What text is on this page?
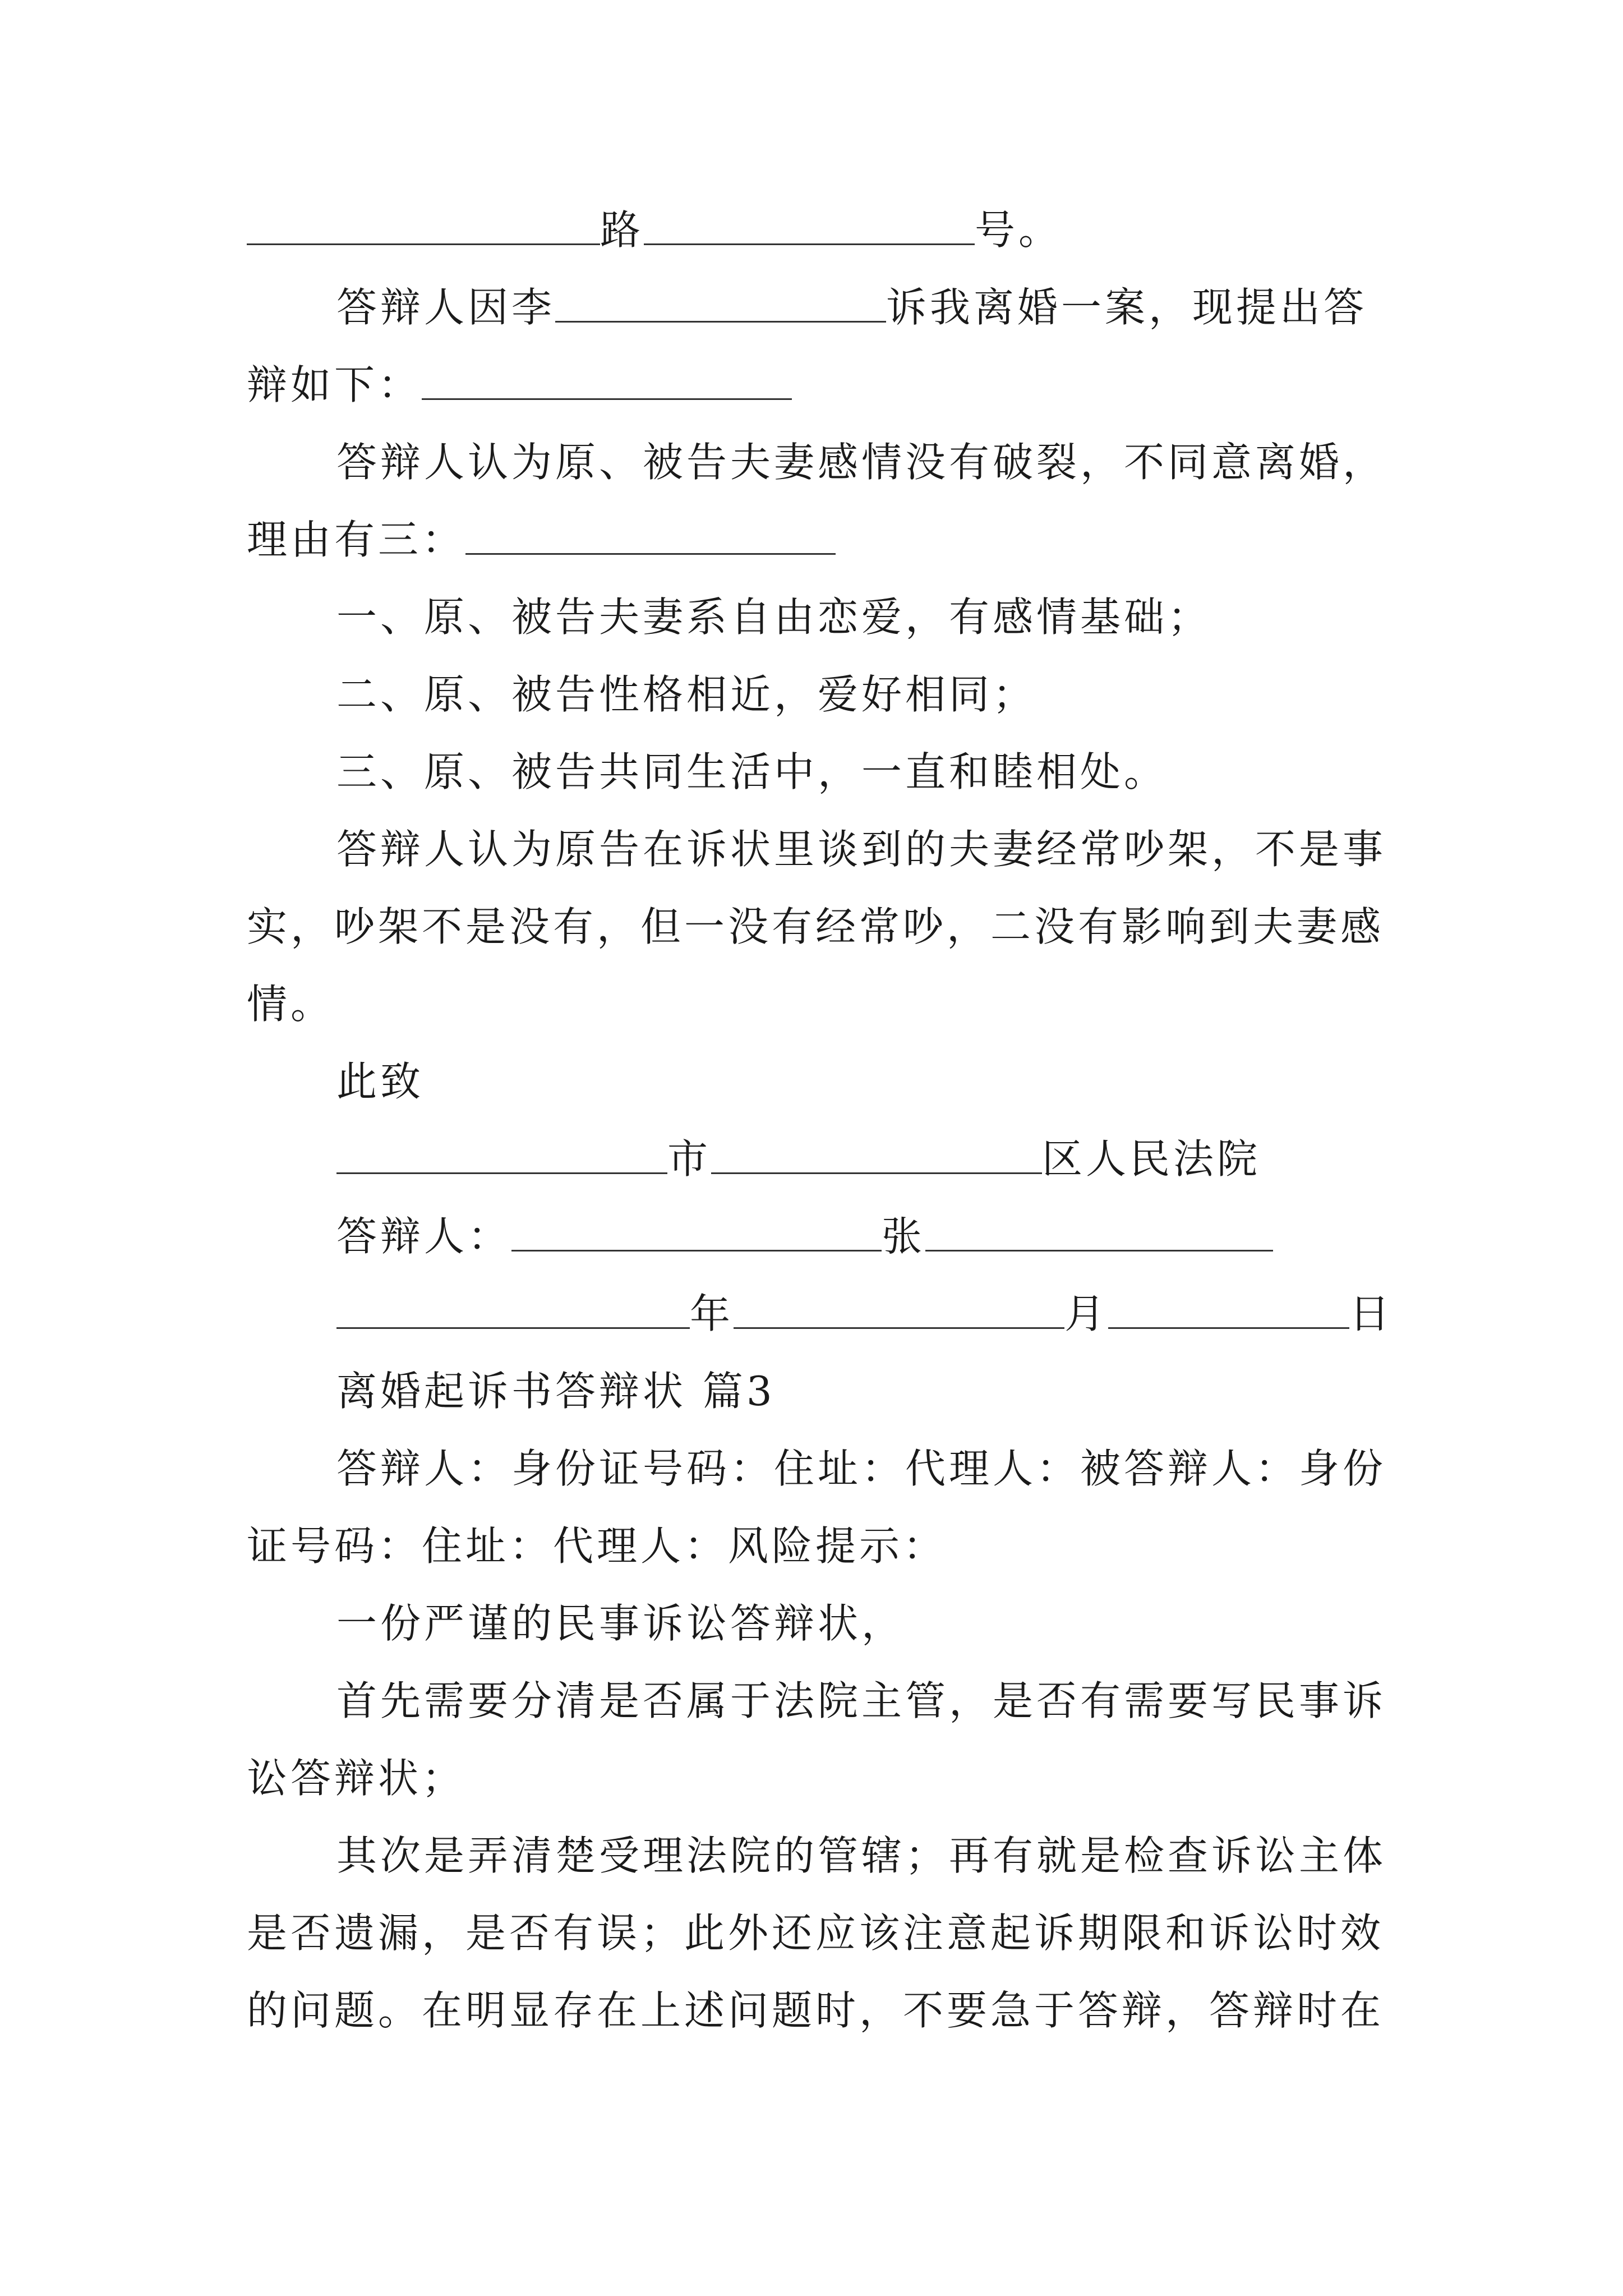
路	号。
答辩人因李	诉我离婚一案，现提出答
辩如下：
答辩人认为原、被告夫妻感情没有破裂，不同意离婚，
理由有三：
一、原、被告夫妻系自由恋爱，有感情基础；
二、原、被告性格相近，爱好相同；
三、原、被告共同生活中，一直和睦相处。
答辩人认为原告在诉状里谈到的夫妻经常吵架，不是事
实，吵架不是没有，但一没有经常吵，二没有影响到夫妻感
情。
此致
市	区人民法院
答辩人：	张
年	月	日
离婚起诉书答辩状 篇3
答辩人：身份证号码：住址：代理人：被答辩人：身份
证号码：住址：代理人：风险提示：
一份严谨的民事诉讼答辩状，
首先需要分清是否属于法院主管，是否有需要写民事诉
讼答辩状；
其次是弄清楚受理法院的管辖；再有就是检查诉讼主体
是否遗漏，是否有误；此外还应该注意起诉期限和诉讼时效
的问题。在明显存在上述问题时，不要急于答辩，答辩时在
